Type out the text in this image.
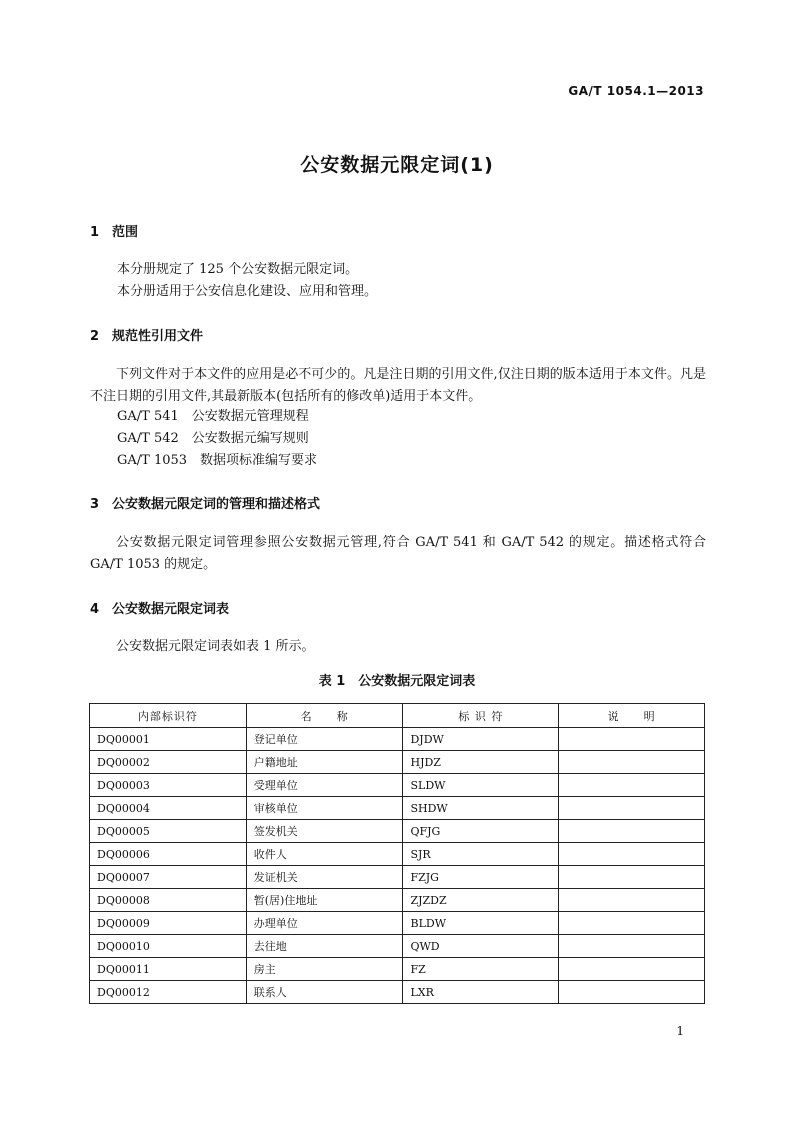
GA/T 1054.1—2013
公安数据元限定词(1)
1 范围
本分册规定了 125 个公安数据元限定词。
本分册适用于公安信息化建设、应用和管理。
2 规范性引用文件

下列文件对于本文件的应用是必不可少的。凡是注日期的引用文件,仅注日期的版本适用于本文件。凡是不注日期的引用文件,其最新版本(包括所有的修改单)适用于本文件。

GA/T 541　公安数据元管理规程
GA/T 542　公安数据元编写规则
GA/T 1053　数据项标准编写要求
3 公安数据元限定词的管理和描述格式

公安数据元限定词管理参照公安数据元管理,符合 GA/T 541 和 GA/T 542 的规定。描述格式符合 GA/T 1053 的规定。

4 公安数据元限定词表

公安数据元限定词表如表 1 所示。

表 1　公安数据元限定词表
内部标识符	名　　称	标 识 符	说　　明
DQ00001	登记单位	DJDW	
DQ00002	户籍地址	HJDZ	
DQ00003	受理单位	SLDW	
DQ00004	审核单位	SHDW	
DQ00005	签发机关	QFJG	
DQ00006	收件人	SJR	
DQ00007	发证机关	FZJG	
DQ00008	暂(居)住地址	ZJZDZ	
DQ00009	办理单位	BLDW	
DQ00010	去往地	QWD	
DQ00011	房主	FZ	
DQ00012	联系人	LXR	
1
